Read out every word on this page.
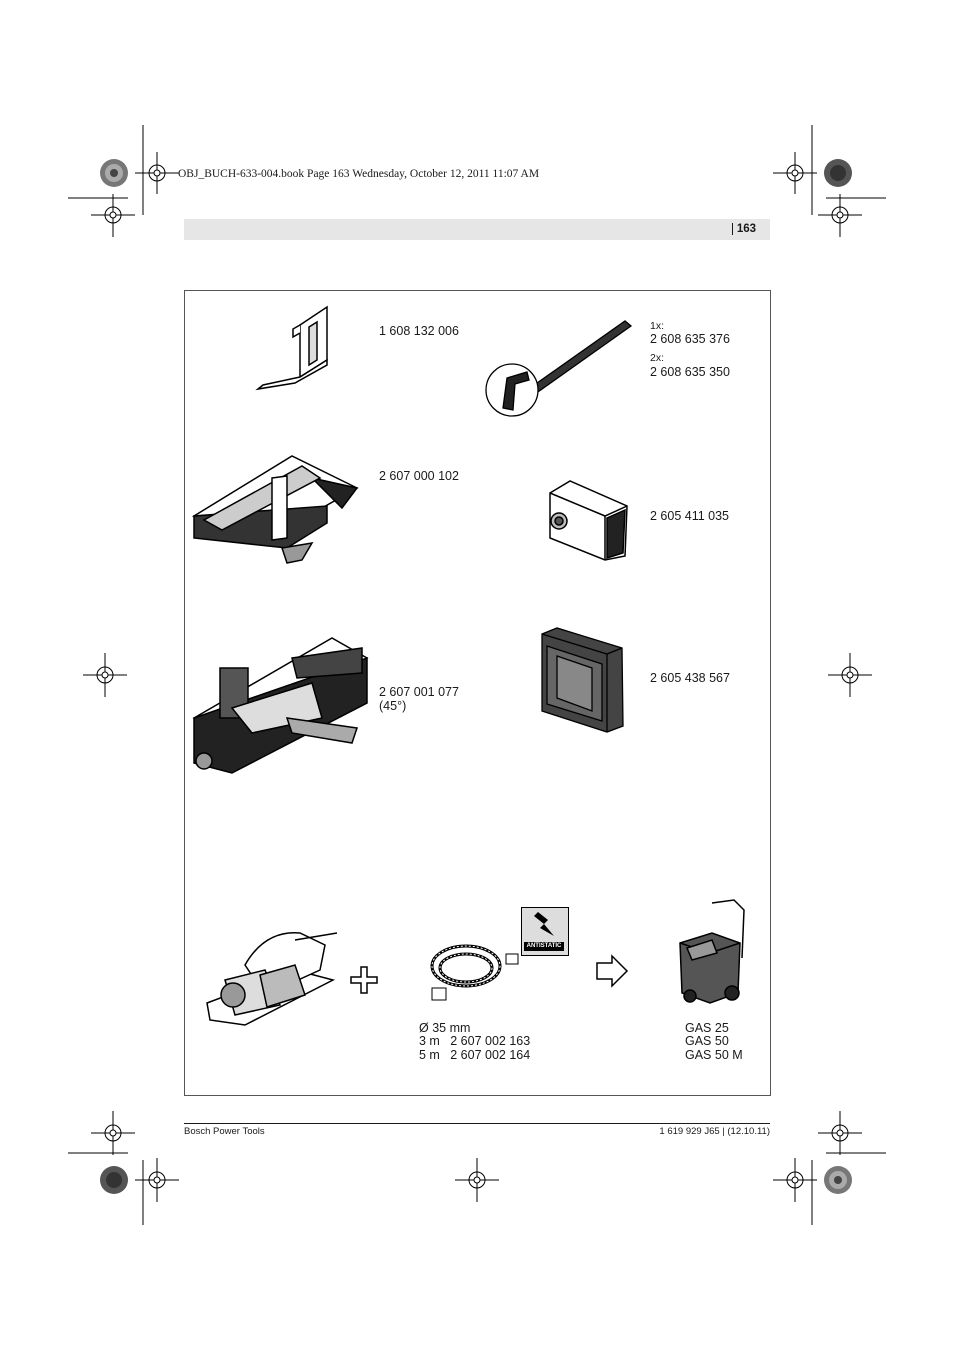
OBJ_BUCH-633-004.book Page 163 Wednesday, October 12, 2011 11:07 AM
163
1 608 132 006	1x:
2 608 635 376
2x:
2 608 635 350
2 607 000 102
2 605 411 035
2 607 001 077
(45°)
2 605 438 567
ANTISTATIC
Ø 35 mm
3 m   2 607 002 163
5 m   2 607 002 164
GAS 25
GAS 50
GAS 50 M
Bosch Power Tools	1 619 929 J65 | (12.10.11)
